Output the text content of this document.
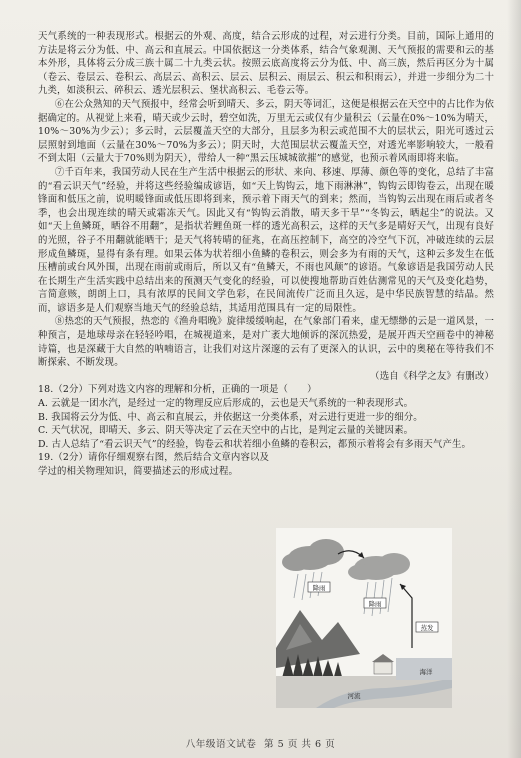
天气系统的一种表现形式。根据云的外观、高度，结合云形成的过程，对云进行分类。目前，国际上通用的方法是将云分为低、中、高云和直展云。中国依据这一分类体系，结合气象观测、天气预报的需要和云的基本外形，具体将云分成三族十属二十九类云状。按照云底高度将云分为低、中、高三族，然后再区分为十属（卷云、卷层云、卷积云、高层云、高积云、层云、层积云、雨层云、积云和积雨云），并进一步细分为二十九类，如淡积云、碎积云、透光层积云、堡状高积云、毛卷云等。

⑥在公众熟知的天气预报中，经常会听到晴天、多云，阴天等词汇，这便是根据云在天空中的占比作为依据确定的。从视觉上来看，晴天或少云时，碧空如洗，万里无云或仅有少量积云（云量在0%～10%为晴天，10%～30%为少云）；多云时，云层覆盖天空的大部分，且层多为积云或范围不大的层状云，阳光可透过云层照射到地面（云量在30%～70%为多云）；阴天时，大范围层状云覆盖天空，对透光率影响较大，一般看不到太阳（云量大于70%则为阴天），带给人一种“黑云压城城欲摧”的感觉，也预示着风雨即将来临。

⑦千百年来，我国劳动人民在生产生活中根据云的形状、来向、移速、厚薄、颜色等的变化，总结了丰富的“看云识天气”经验，并将这些经验编成谚语，如“天上钩钩云，地下雨淋淋”，钩钩云即钩卷云，出现在暖锋面和低压之前，说明暖锋面或低压即将到来，预示着下雨天气的到来；然而，当钩钩云出现在雨后或者冬季，也会出现连续的晴天或霜冻天气。因此又有“钩钩云消散，晴天多干旱”“冬钩云，晒起尘”的说法。又如“天上鱼鳞斑，晒谷不用翻”，是指状若鲤鱼斑一样的透光高积云，这样的天气多是晴好天气，出现有良好的光照，谷子不用翻就能晒干；是天气将转晴的征兆，在高压控制下，高空的冷空气下沉，冲破连续的云层形成鱼鳞斑，显得有条有理。如果云体为状若细小鱼鳞的卷积云，则会多为有雨的天气，这种云多发生在低压槽前或台风外围，出现在雨前或雨后，所以又有“鱼鳞天，不雨也风颠”的谚语。气象谚语是我国劳动人民在长期生产生活实践中总结出来的预测天气变化的经验，可以使搜地帮助百姓估测常见的天气及变化趋势，言简意赅，朗朗上口，具有浓厚的民间文学色彩，在民间流传广泛而且久远，是中华民族智慧的结晶。然而，谚语多是人们观察当地天气的经验总结，其适用范围具有一定的局限性。

⑧热恋的天气预报，热恋的《渔舟唱晚》旋律缓缓响起，在气象部门看来，虚无缥缈的云是一道风景，一种预言，是地球母亲在轻轻吟唱，在城视道来，是对广袤大地倾诉的深沉热爱，是展开西天空画卷中的神秘诗篇，也是深藏于大自然的呐喃语言，让我们对这片深邃的云有了更深入的认识，云中的奥秘在等待我们不断探索、不断发现。

（选自《科学之友》有删改）

18.（2分）下列对选文内容的理解和分析，正确的一项是（　　）

A. 云就是一团水汽，是经过一定的物理反应后形成的，云也是天气系统的一种表现形式。

B. 我国将云分为低、中、高云和直展云，并依据这一分类体系，对云进行更进一步的细分。

C. 天气状况，即晴天、多云、阴天等决定了云在天空中的占比，是判定云量的关键因素。

D. 古人总结了“看云识天气”的经验，钩卷云和状若细小鱼鳞的卷积云，都预示着将会有多雨天气产生。

19.（2分）请你仔细观察右图，然后结合文章内容以及学过的相关物理知识，简要描述云的形成过程。

降雨
降雨
蒸发
海洋
河流
八年级语文试卷 第 5 页 共 6 页
